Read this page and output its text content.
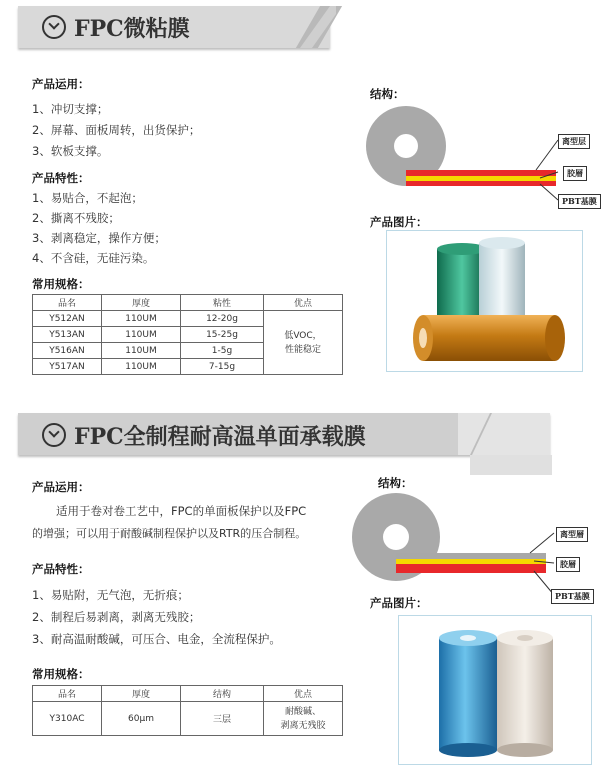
FPC微粘膜
产品运用：
1、冲切支撑；
2、屏幕、面板周转，出货保护；
3、软板支撑。
产品特性：
1、易贴合，不起泡；
2、撕离不残胶；
3、剥离稳定，操作方便；
4、不含硅，无硅污染。
常用规格：
品名	厚度	粘性	优点
Y512AN	110UM	12-20g	低VOC，
性能稳定
Y513AN	110UM	15-25g	
Y516AN	110UM	1-5g	
Y517AN	110UM	7-15g	
结构：
离型层
胶層
PBT基膜
产品图片：
FPC全制程耐高温单面承载膜
产品运用：
适用于卷对卷工艺中，FPC的单面板保护以及FPC
的增强；可以用于耐酸碱制程保护以及RTR的压合制程。
产品特性：
1、易贴附，无气泡，无折痕；
2、制程后易剥离，剥离无残胶；
3、耐高温耐酸碱，可压合、电金，全流程保护。
常用规格：
品名	厚度	结构	优点
Y310AC	60μm	三层	耐酸碱、
剥离无残胶
结构：
离型層
胶層
PBT基膜
产品图片：
